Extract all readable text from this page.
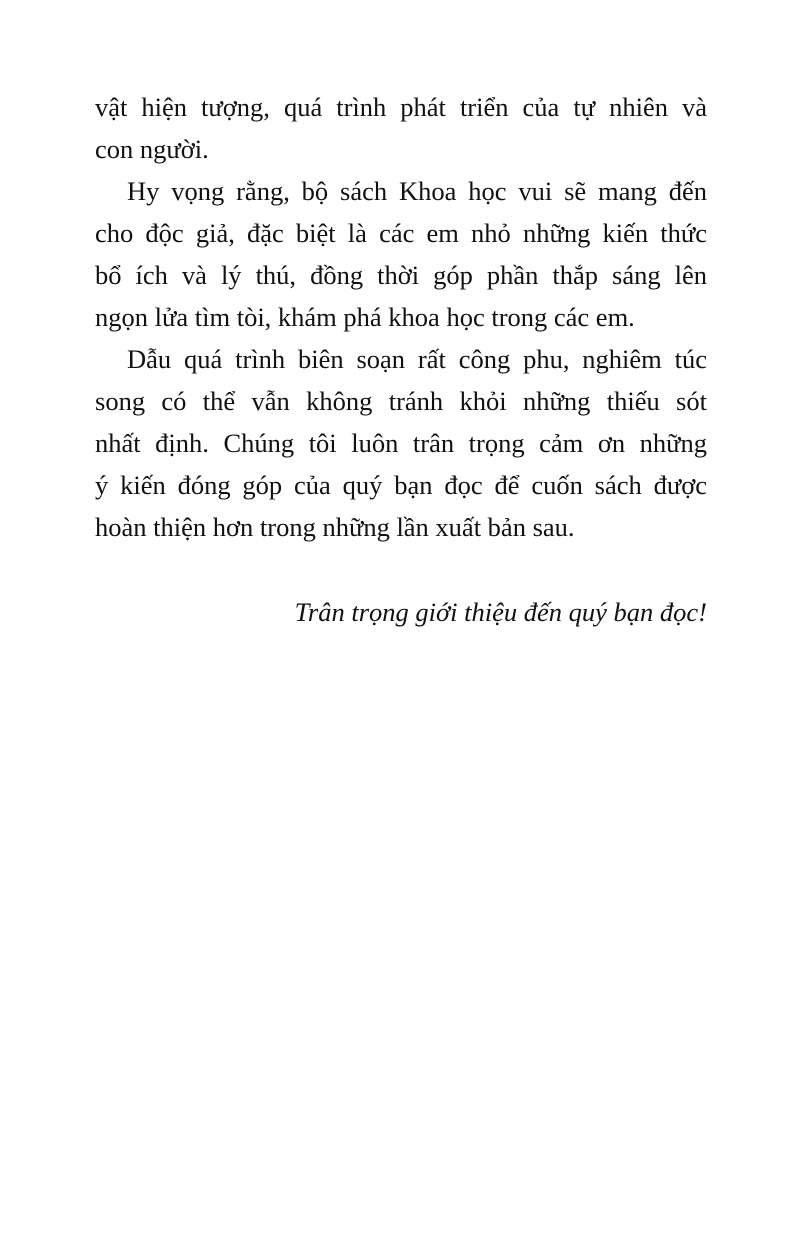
vật hiện tượng, quá trình phát triển của tự nhiên và
con người.
Hy vọng rằng, bộ sách Khoa học vui sẽ mang đến
cho độc giả, đặc biệt là các em nhỏ những kiến thức
bổ ích và lý thú, đồng thời góp phần thắp sáng lên
ngọn lửa tìm tòi, khám phá khoa học trong các em.
Dẫu quá trình biên soạn rất công phu, nghiêm túc
song có thể vẫn không tránh khỏi những thiếu sót
nhất định. Chúng tôi luôn trân trọng cảm ơn những
ý kiến đóng góp của quý bạn đọc để cuốn sách được
hoàn thiện hơn trong những lần xuất bản sau.
Trân trọng giới thiệu đến quý bạn đọc!
